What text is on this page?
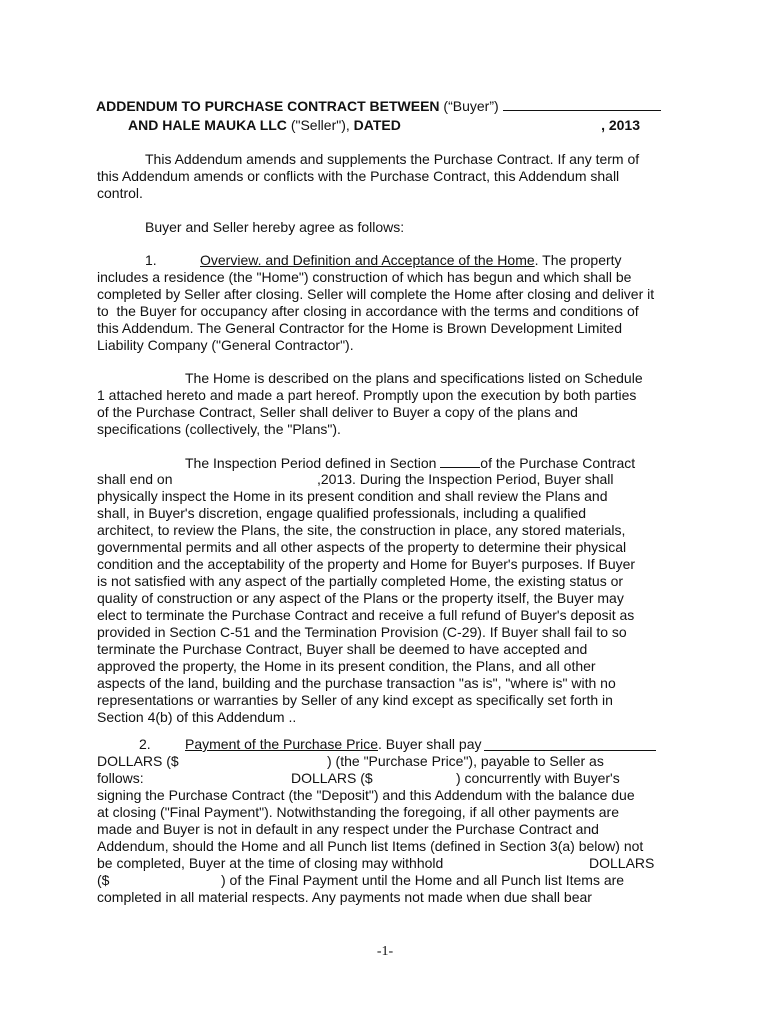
ADDENDUM TO PURCHASE CONTRACT BETWEEN (“Buyer”)
AND HALE MAUKA LLC ("Seller"), DATED	, 2013
This Addendum amends and supplements the Purchase Contract. If any term of
this Addendum amends or conflicts with the Purchase Contract, this Addendum shall
control.
Buyer and Seller hereby agree as follows:
1.	Overview. and Definition and Acceptance of the Home. The property
includes a residence (the "Home") construction of which has begun and which shall be
completed by Seller after closing. Seller will complete the Home after closing and deliver it
to  the Buyer for occupancy after closing in accordance with the terms and conditions of
this Addendum. The General Contractor for the Home is Brown Development Limited
Liability Company ("General Contractor").
The Home is described on the plans and specifications listed on Schedule
1 attached hereto and made a part hereof. Promptly upon the execution by both parties
of the Purchase Contract, Seller shall deliver to Buyer a copy of the plans and
specifications (collectively, the "Plans").
The Inspection Period defined in Section	of the Purchase Contract
shall end on	,2013. During the Inspection Period, Buyer shall
physically inspect the Home in its present condition and shall review the Plans and
shall, in Buyer's discretion, engage qualified professionals, including a qualified
architect, to review the Plans, the site, the construction in place, any stored materials,
governmental permits and all other aspects of the property to determine their physical
condition and the acceptability of the property and Home for Buyer's purposes. If Buyer
is not satisfied with any aspect of the partially completed Home, the existing status or
quality of construction or any aspect of the Plans or the property itself, the Buyer may
elect to terminate the Purchase Contract and receive a full refund of Buyer's deposit as
provided in Section C-51 and the Termination Provision (C-29). If Buyer shall fail to so
terminate the Purchase Contract, Buyer shall be deemed to have accepted and
approved the property, the Home in its present condition, the Plans, and all other
aspects of the land, building and the purchase transaction "as is", "where is" with no
representations or warranties by Seller of any kind except as specifically set forth in
Section 4(b) of this Addendum ..
2. Payment of the Purchase Price. Buyer shall pay
DOLLARS ($	) (the "Purchase Price"), payable to Seller as
follows:	DOLLARS ($	) concurrently with Buyer's
signing the Purchase Contract (the "Deposit") and this Addendum with the balance due
at closing ("Final Payment"). Notwithstanding the foregoing, if all other payments are
made and Buyer is not in default in any respect under the Purchase Contract and
Addendum, should the Home and all Punch list Items (defined in Section 3(a) below) not
be completed, Buyer at the time of closing may withhold	DOLLARS
($	) of the Final Payment until the Home and all Punch list Items are
completed in all material respects. Any payments not made when due shall bear
-1-
